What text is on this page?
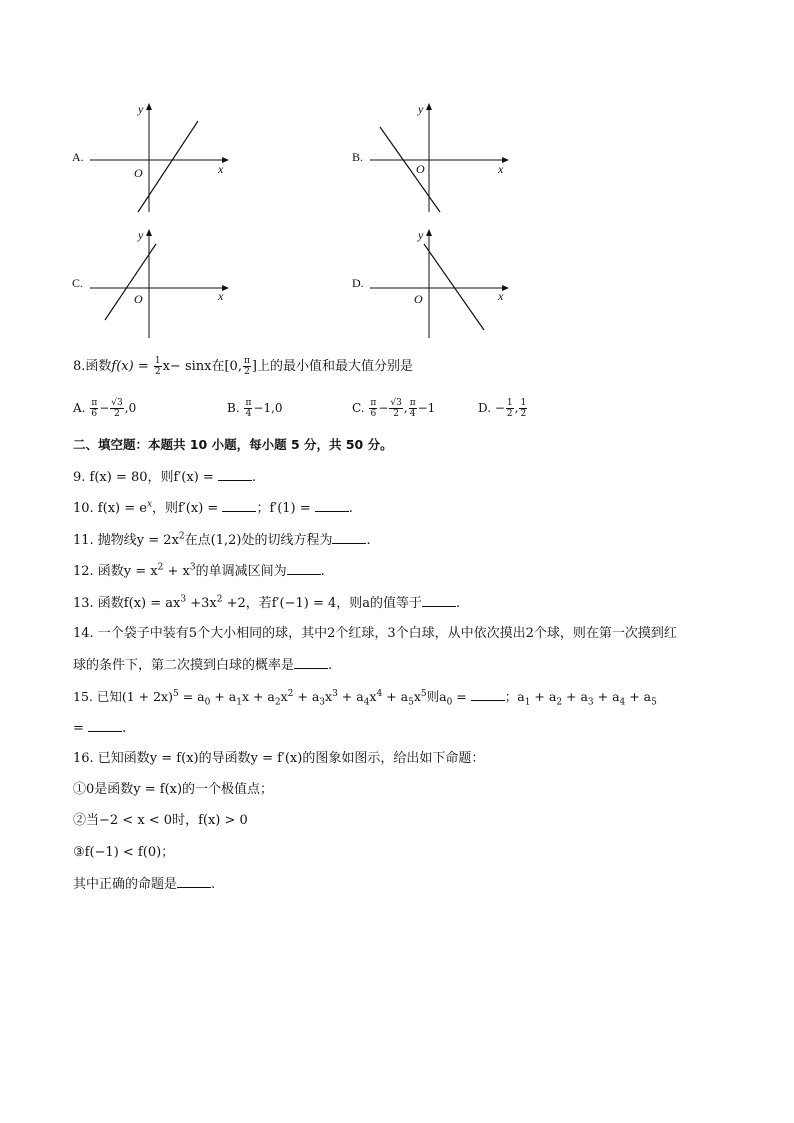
A.
y
x
O
B.
y
x
O
C.
y
x
O
D.
y
x
O
8.函数$f(x) = \frac{1}{2} x- \sin x$在[0, $\frac{\pi}{2}$ ]上的最小值和最大值分别是
A. $\frac{\pi}{6} - \frac{√3}{2} ,0$	B. $\frac{\pi}{4} -1,0$	C. $\frac{\pi}{6} - \frac{√3}{2}$ , $\frac{\pi}{4} -1$	D. − $\frac{1}{2}$ , $\frac{1}{2}$
二、填空题：本题共 10 小题，每小题 5 分，共 50 分。
9. f(x) = 80，则f′(x) =	.
10. $f(x) = e^x$，则f′(x) =	；f′(1) =	.
11. 抛物线$y = 2x^2$在点(1,2)处的切线方程为	.
12. 函数$y = x^2 + x^3$的单调减区间为	.
13. 函数$f(x) = ax^3 +3x^2 +2$，若f′(−1) = 4，则a的值等于	.
14. 一个袋子中装有5个大小相同的球，其中2个红球，3个白球，从中依次摸出2个球，则在第一次摸到红
球的条件下，第二次摸到白球的概率是	.
15. 已知$(1 + 2x)^5 = a_0 + a_1x + a_2x^2 + a_3x^3 + a_4x^4 + a_5x^5$则$a_0$ =	；$a_1 + a_2 + a_3 + a_4 + a_5$
=	.
16. 已知函数y = f(x)的导函数y = f′(x)的图象如图示，给出如下命题：
①0是函数y = f(x)的一个极值点；
②当−2 < x < 0时，f(x) > 0
③f(−1) < f(0)；
其中正确的命题是	.
